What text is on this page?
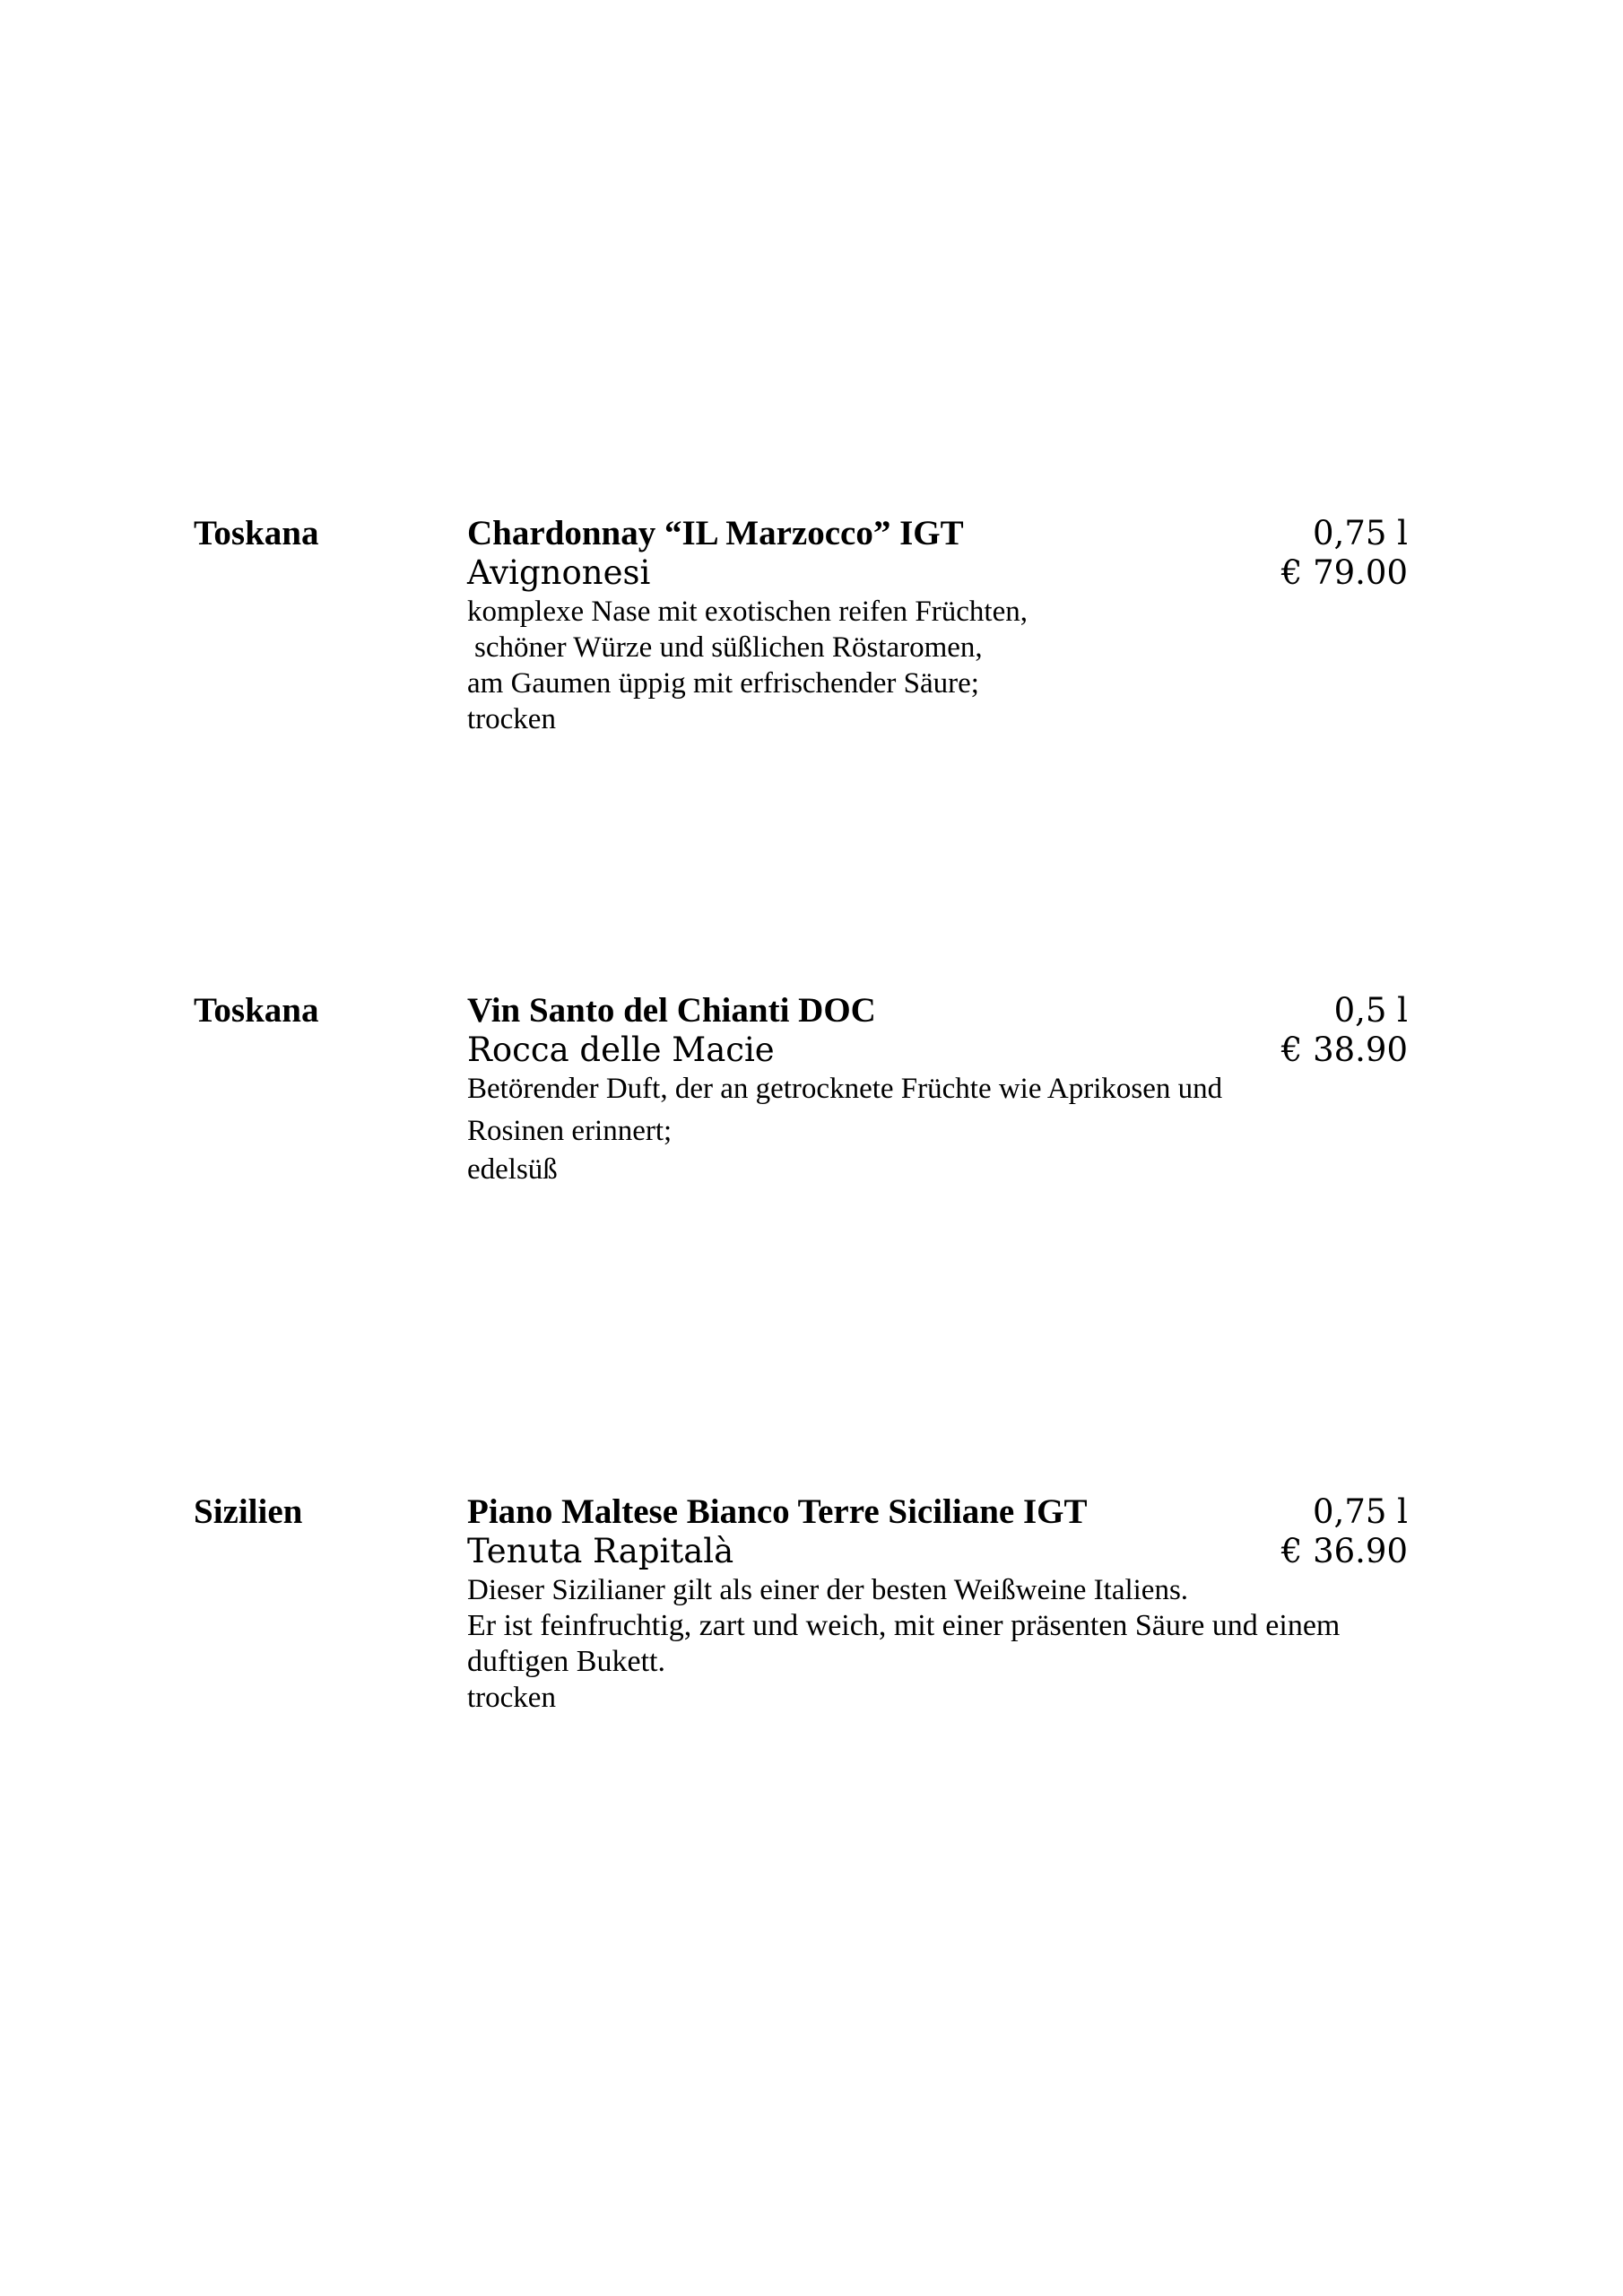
Toskana	Chardonnay “IL Marzocco” IGT	0,75 l
Avignonesi	€ 79.00
komplexe Nase mit exotischen reifen Früchten,
schöner Würze und süßlichen Röstaromen,
am Gaumen üppig mit erfrischender Säure;
trocken
Toskana	Vin Santo del Chianti DOC	0,5 l
Rocca delle Macie	€ 38.90
Betörender Duft, der an getrocknete Früchte wie Aprikosen und
Rosinen erinnert;
edelsüß
Sizilien	Piano Maltese Bianco Terre Siciliane IGT	0,75 l
Tenuta Rapitalà	€ 36.90
Dieser Sizilianer gilt als einer der besten Weißweine Italiens.
Er ist feinfruchtig, zart und weich, mit einer präsenten Säure und einem
duftigen Bukett.
trocken
